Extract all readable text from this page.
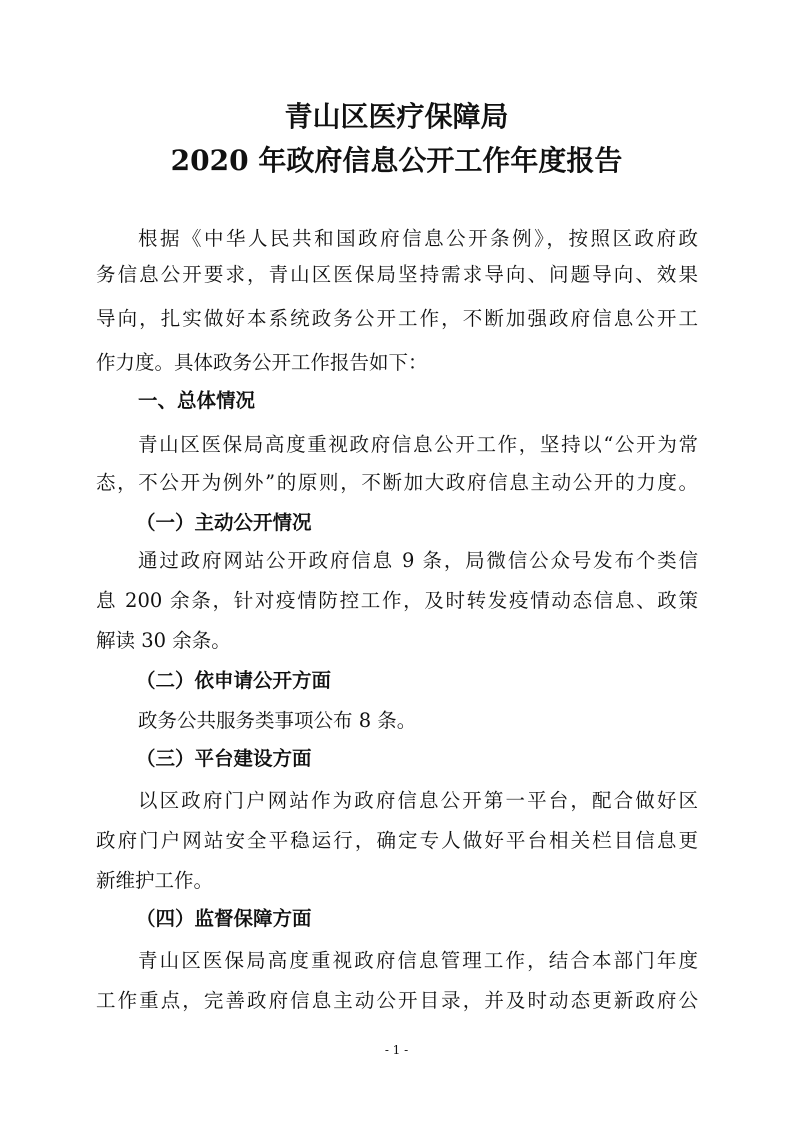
青山区医疗保障局
2020 年政府信息公开工作年度报告

根据《中华人民共和国政府信息公开条例》，按照区政府政

务信息公开要求，青山区医保局坚持需求导向、问题导向、效果

导向，扎实做好本系统政务公开工作，不断加强政府信息公开工

作力度。具体政务公开工作报告如下：

一、总体情况

青山区医保局高度重视政府信息公开工作，坚持以“公开为常

态，不公开为例外”的原则，不断加大政府信息主动公开的力度。

（一）主动公开情况

通过政府网站公开政府信息 9 条，局微信公众号发布个类信

息 200 余条，针对疫情防控工作，及时转发疫情动态信息、政策

解读 30 余条。

（二）依申请公开方面

政务公共服务类事项公布 8 条。

（三）平台建设方面

以区政府门户网站作为政府信息公开第一平台，配合做好区

政府门户网站安全平稳运行，确定专人做好平台相关栏目信息更

新维护工作。

（四）监督保障方面

青山区医保局高度重视政府信息管理工作，结合本部门年度

工作重点，完善政府信息主动公开目录，并及时动态更新政府公

- 1 -
